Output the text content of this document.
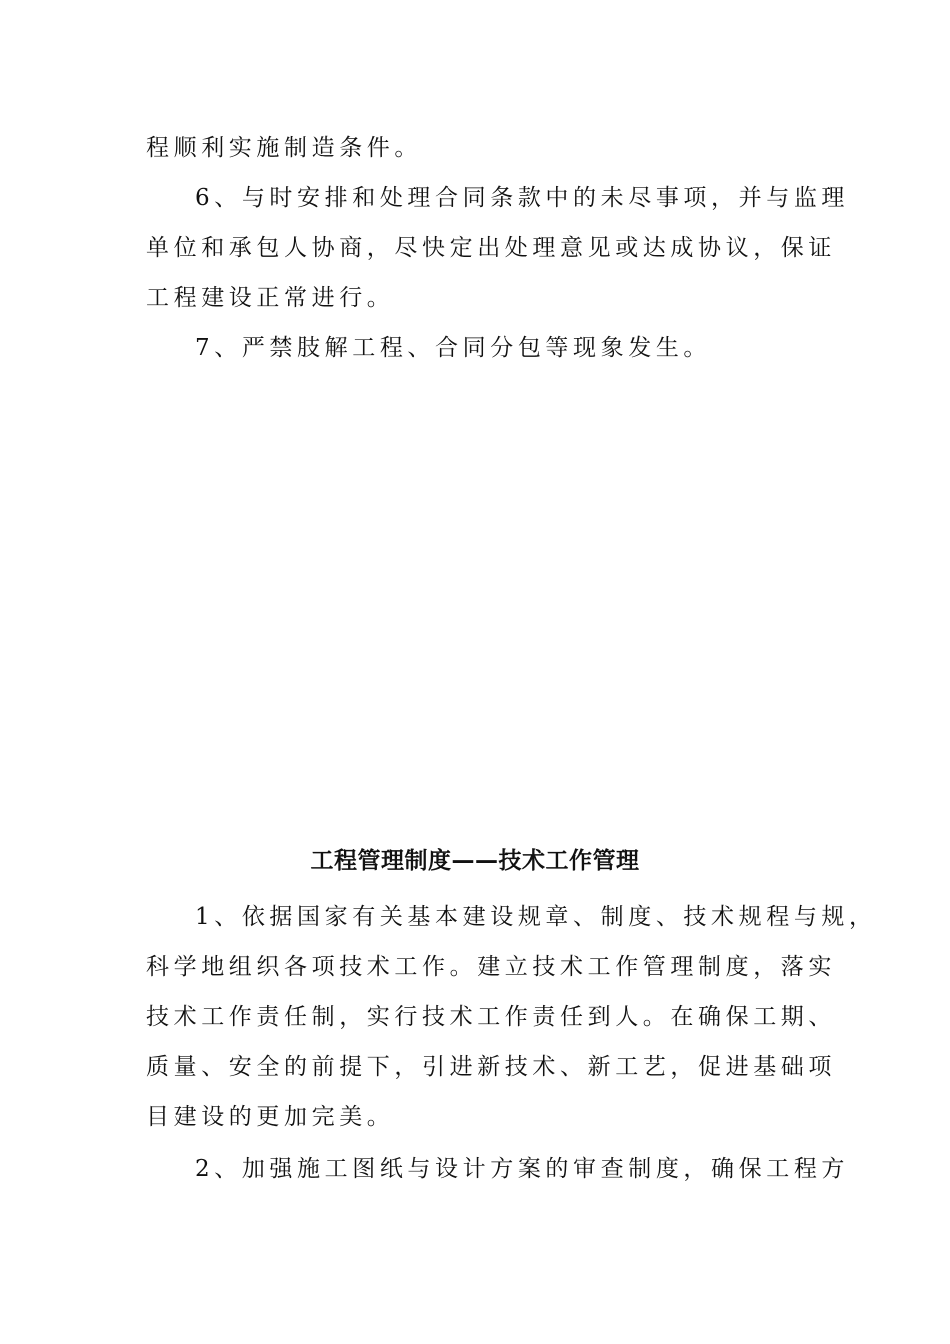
程顺利实施制造条件。
6、与时安排和处理合同条款中的未尽事项，并与监理
单位和承包人协商，尽快定出处理意见或达成协议，保证
工程建设正常进行。
7、严禁肢解工程、合同分包等现象发生。
工程管理制度——技术工作管理
1、依据国家有关基本建设规章、制度、技术规程与规，
科学地组织各项技术工作。建立技术工作管理制度，落实
技术工作责任制，实行技术工作责任到人。在确保工期、
质量、安全的前提下，引进新技术、新工艺，促进基础项
目建设的更加完美。
2、加强施工图纸与设计方案的审查制度，确保工程方
